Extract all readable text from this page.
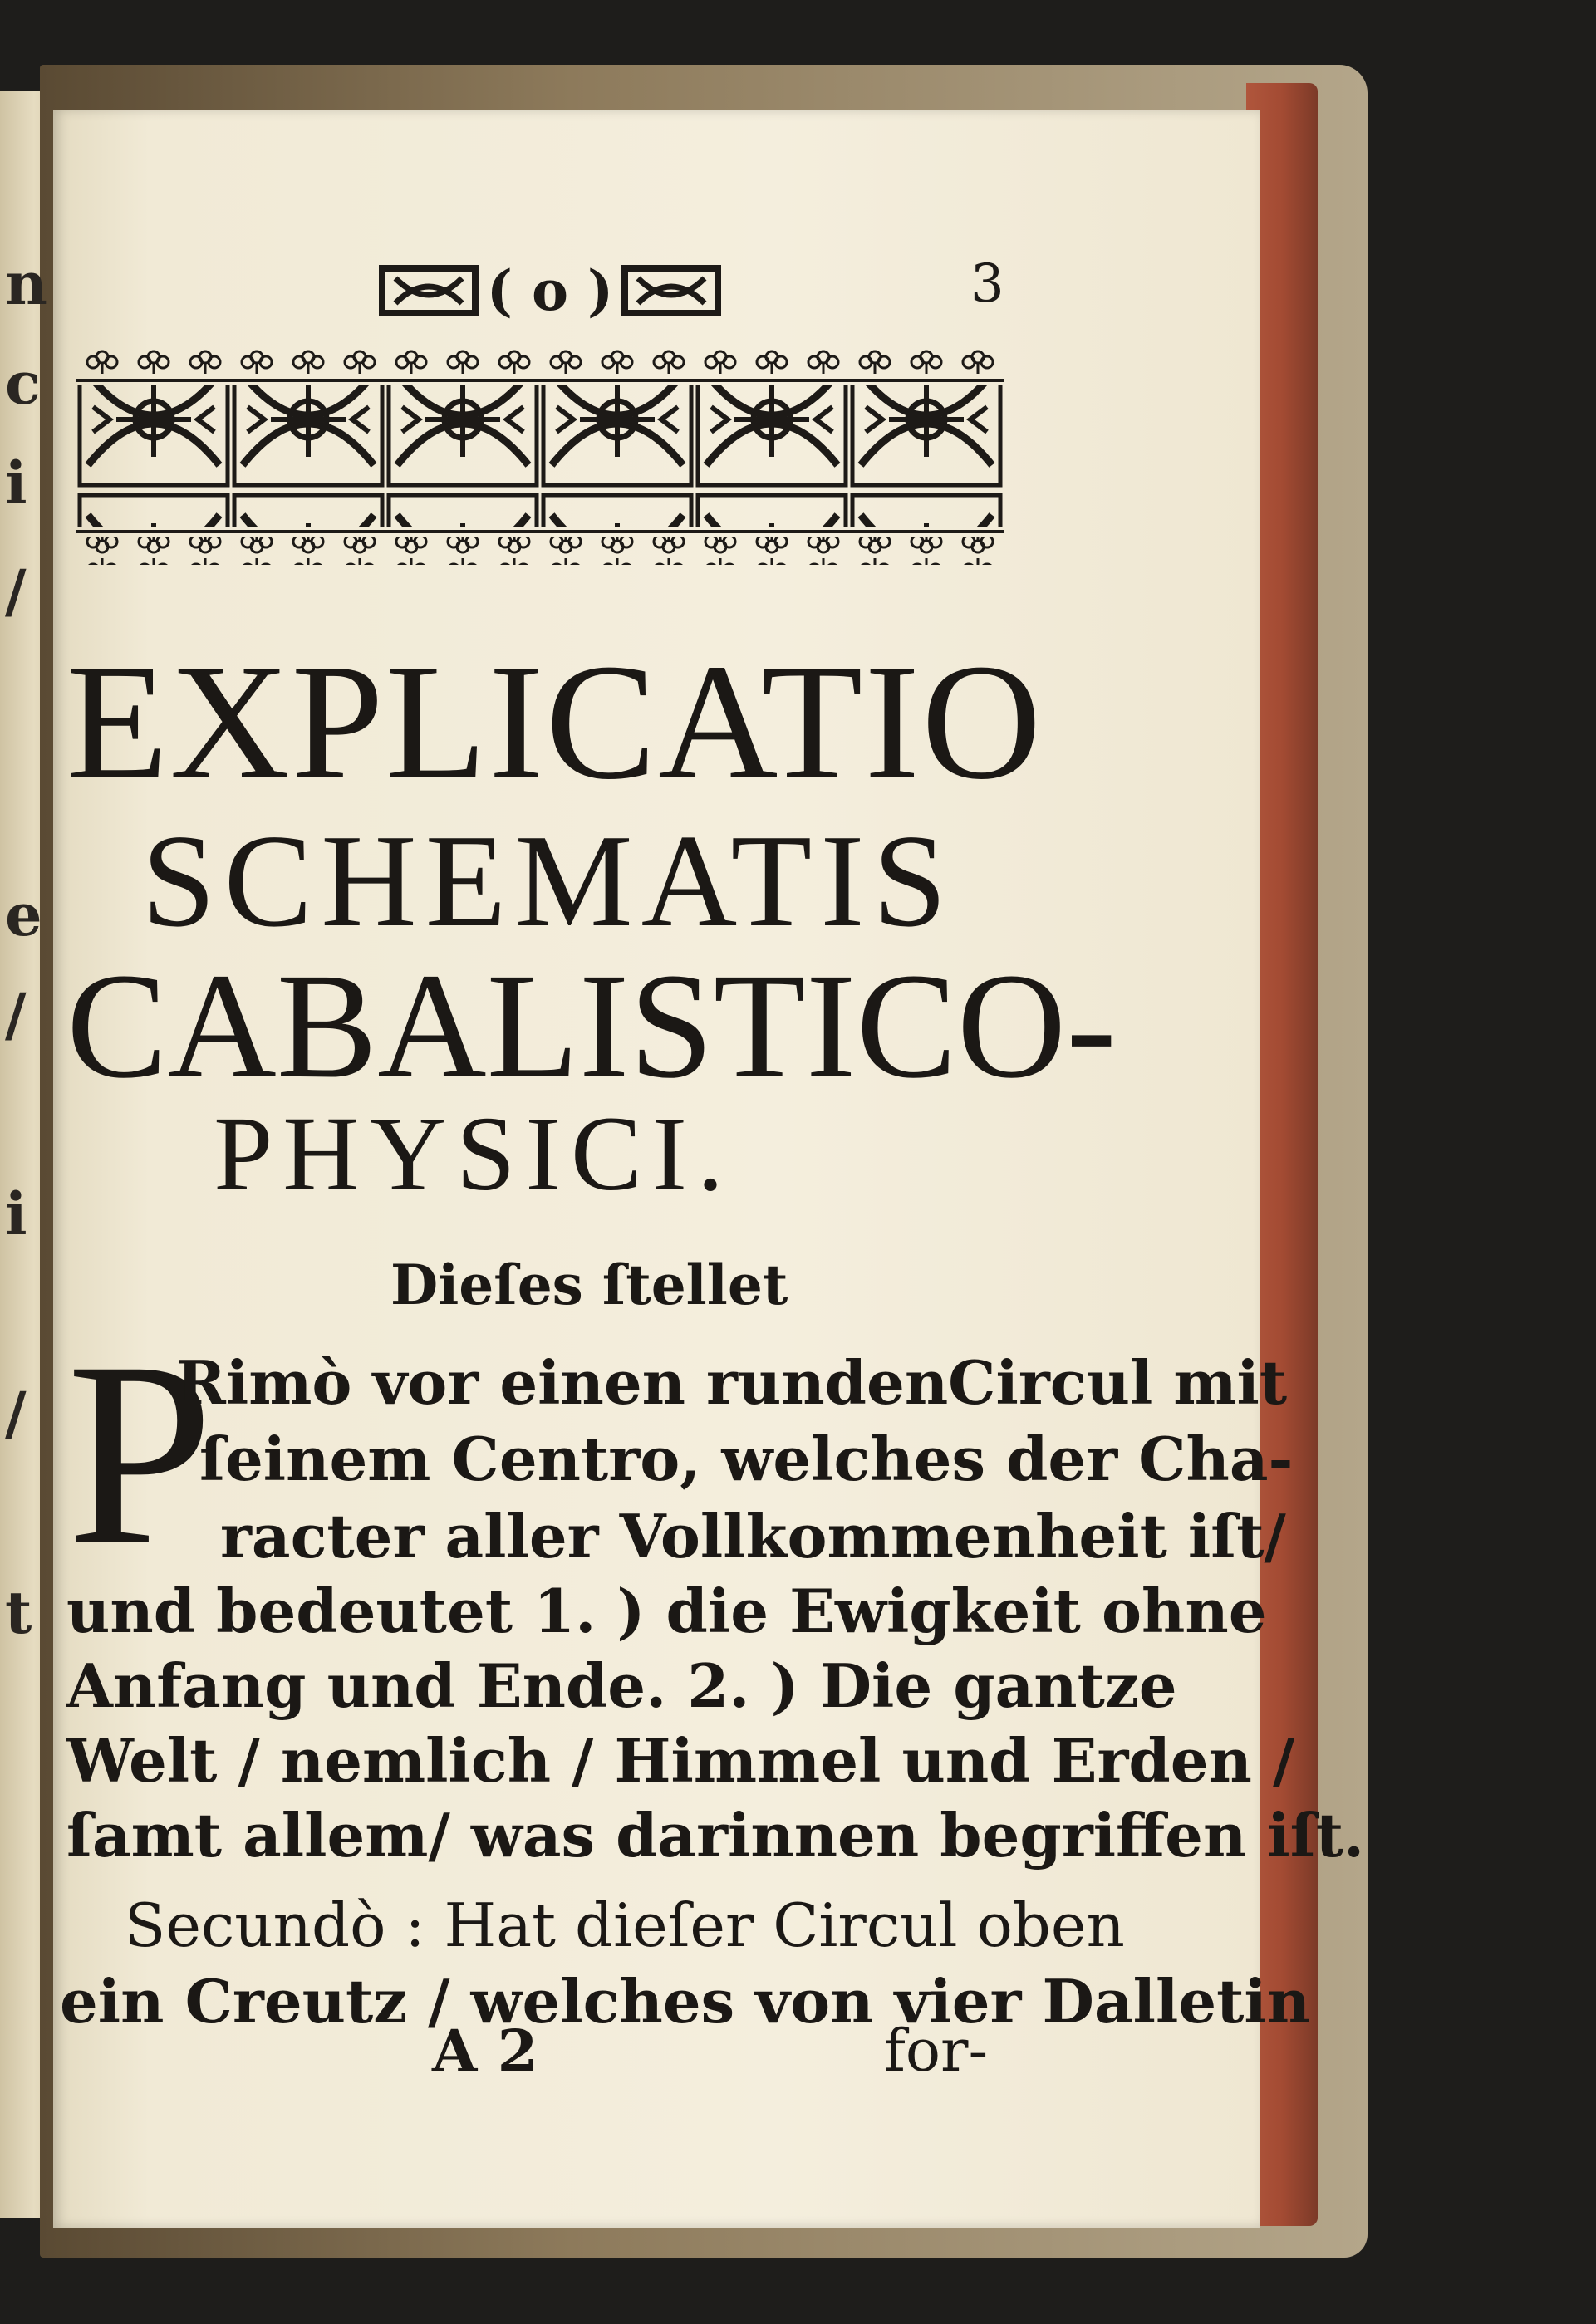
n
c
i
/
e
/
i
/
t
( o )	3
EXPLICATIO
SCHEMATIS
CABALISTICO-
PHYSICI.
Dieſes ſtellet
P
Rimò vor einen rundenCircul mit
ſeinem Centro, welches der Cha-
racter aller Vollkommenheit iſt/
und bedeutet 1. ) die Ewigkeit ohne
Anfang und Ende. 2. ) Die gantze
Welt / nemlich / Himmel und Erden /
ſamt allem/ was darinnen begriffen iſt.
Secundò : Hat dieſer Circul oben
ein Creutz / welches von vier Dalletin
A 2	for-
